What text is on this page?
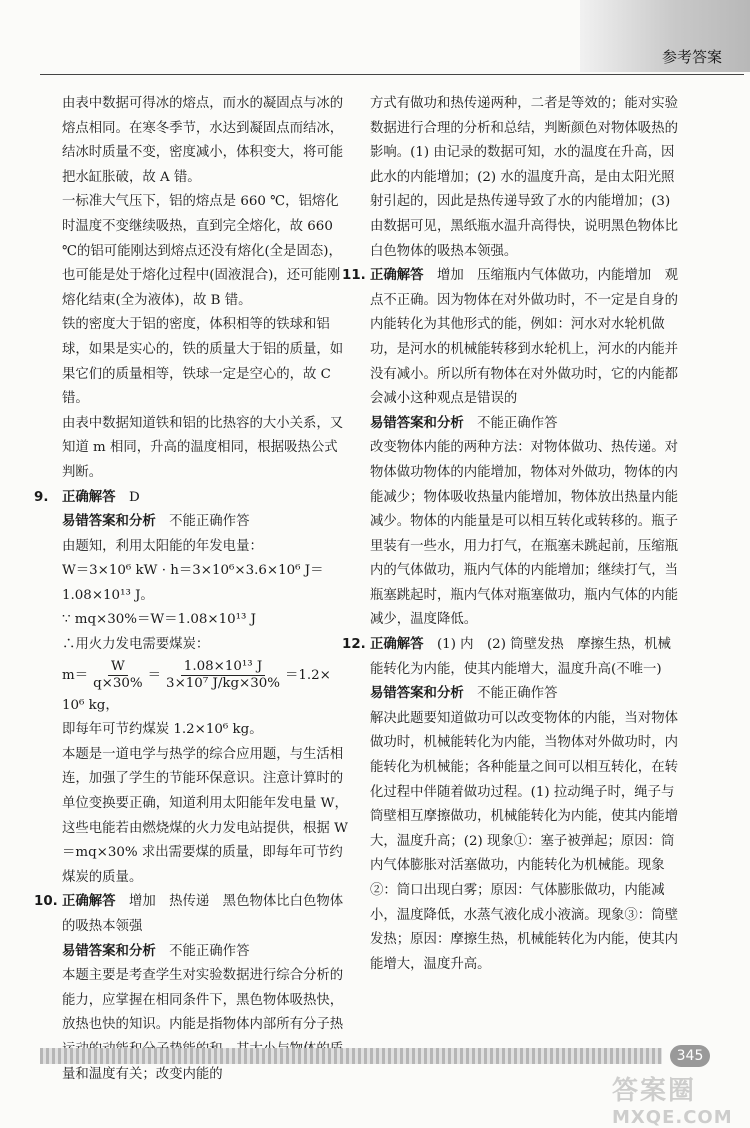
参考答案

由表中数据可得冰的熔点，而水的凝固点与冰的熔点相同。在寒冬季节，水达到凝固点而结冰，结冰时质量不变，密度减小，体积变大，将可能把水缸胀破，故 A 错。

一标准大气压下，铝的熔点是 660 ℃，铝熔化时温度不变继续吸热，直到完全熔化，故 660 ℃的铝可能刚达到熔点还没有熔化(全是固态)，也可能是处于熔化过程中(固液混合)，还可能刚熔化结束(全为液体)，故 B 错。

铁的密度大于铝的密度，体积相等的铁球和铝球，如果是实心的，铁的质量大于铝的质量，如果它们的质量相等，铁球一定是空心的，故 C 错。

由表中数据知道铁和铝的比热容的大小关系，又知道 m 相同，升高的温度相同，根据吸热公式判断。

9. 正确解答　 D

易错答案和分析　 不能正确作答

由题知，利用太阳能的年发电量：

W＝3×10⁶ kW · h＝3×10⁶×3.6×10⁶ J＝1.08×10¹³ J。

∵ mq×30%＝W＝1.08×10¹³ J

∴用火力发电需要煤炭：

$m= \frac{W}{q\times 30\%} = \frac{\text{1.08×10¹³ J}}{\text{3×10⁷ J/kg×30\%}} =1.2\times$

10⁶ kg，

即每年可节约煤炭 1.2×10⁶ kg。

本题是一道电学与热学的综合应用题，与生活相连，加强了学生的节能环保意识。注意计算时的单位变换要正确，知道利用太阳能年发电量 W，这些电能若由燃烧煤的火力发电站提供，根据 W＝mq×30% 求出需要煤的质量，即每年可节约煤炭的质量。

10. 正确解答　 增加　热传递　黑色物体比白色物体的吸热本领强

易错答案和分析　 不能正确作答

本题主要是考查学生对实验数据进行综合分析的能力，应掌握在相同条件下，黑色物体吸热快，放热也快的知识。内能是指物体内部所有分子热 量和温度有关；改变内能的

方式有做功和热传递两种，二者是等效的；能对实验数据进行合理的分析和总结，判断颜色对物体吸热的影响。(1) 由记录的数据可知，水的温度在升高，因此水的内能增加；(2) 水的温度升高，是由太阳光照射引起的，因此是热传递导致了水的内能增加；(3) 由数据可见，黑纸瓶水温升高得快，说明黑色物体比白色物体的吸热本领强。

11. 正确解答　 增加　压缩瓶内气体做功，内能增加　观点不正确。因为物体在对外做功时，不一定是自身的内能转化为其他形式的能，例如：河水对水轮机做功，是河水的机械能转移到水轮机上，河水的内能并没有减小。所以所有物体在对外做功时，它的内能都会减小这种观点是错误的

易错答案和分析　 不能正确作答

改变物体内能的两种方法：对物体做功、热传递。对物体做功物体的内能增加，物体对外做功，物体的内能减少；物体吸收热量内能增加，物体放出热量内能减少。物体的内能量是可以相互转化或转移的。瓶子里装有一些水，用力打气，在瓶塞未跳起前，压缩瓶内的气体做功，瓶内气体的内能增加；继续打气，当瓶塞跳起时，瓶内气体对瓶塞做功，瓶内气体的内能减少，温度降低。

12. 正确解答　 (1) 内　(2) 筒壁发热　摩擦生热，机械能转化为内能，使其内能增大，温度升高(不唯一)

易错答案和分析　 不能正确作答

解决此题要知道做功可以改变物体的内能，当对物体做功时，机械能转化为内能，当物体对外做功时，内能转化为机械能；各种能量之间可以相互转化，在转化过程中伴随着做功过程。(1) 拉动绳子时，绳子与筒壁相互摩擦做功，机械能转化为内能，使其内能增大，温度升高；(2) 现象①：塞子被弹起；原因：筒内气体膨胀对活塞做功，内能转化为机械能。现象②：筒口出现白雾；原因：气体膨胀做功，内能减小，温度降低，水蒸气液化成小液滴。现象③：筒壁发热；原因：摩擦生热，机械能转化为内能，使其内能增大，温度升高。

345
答案圈
MXQE.COM
